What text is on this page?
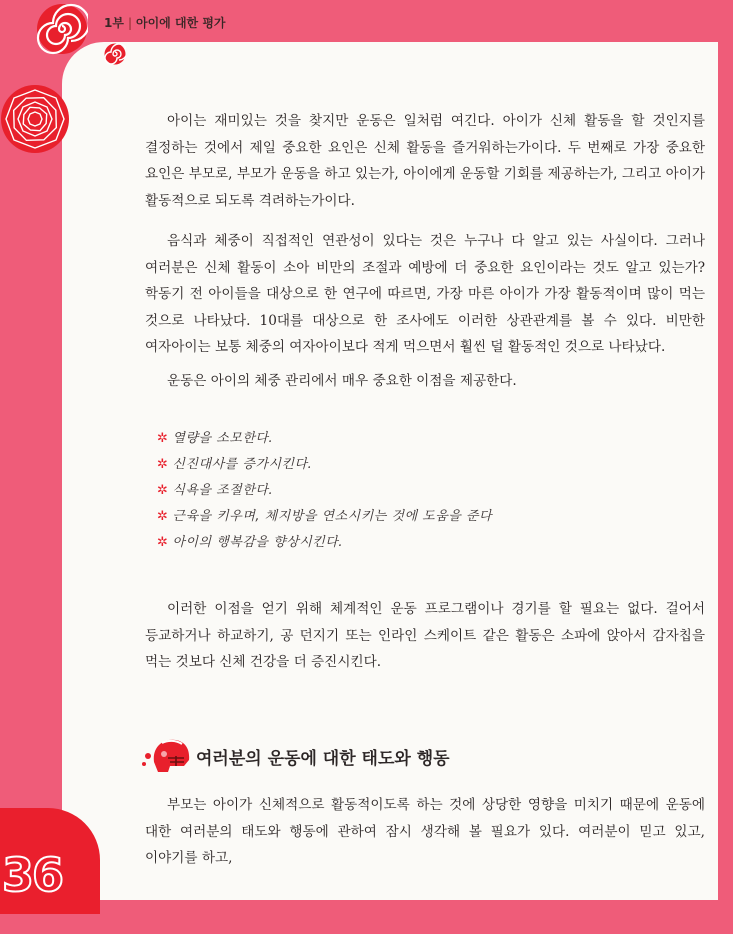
1부 | 아이에 대한 평가
36

아이는 재미있는 것을 찾지만 운동은 일처럼 여긴다. 아이가 신체 활동을 할 것인지를 결정하는 것에서 제일 중요한 요인은 신체 활동을 즐거워하는가이다. 두 번째로 가장 중요한 요인은 부모로, 부모가 운동을 하고 있는가, 아이에게 운동할 기회를 제공하는가, 그리고 아이가 활동적으로 되도록 격려하는가이다.

음식과 체중이 직접적인 연관성이 있다는 것은 누구나 다 알고 있는 사실이다. 그러나 여러분은 신체 활동이 소아 비만의 조절과 예방에 더 중요한 요인이라는 것도 알고 있는가? 학동기 전 아이들을 대상으로 한 연구에 따르면, 가장 마른 아이가 가장 활동적이며 많이 먹는 것으로 나타났다. 10대를 대상으로 한 조사에도 이러한 상관관계를 볼 수 있다. 비만한 여자아이는 보통 체중의 여자아이보다 적게 먹으면서 훨씬 덜 활동적인 것으로 나타났다.

운동은 아이의 체중 관리에서 매우 중요한 이점을 제공한다.

✲ 열량을 소모한다.
✲ 신진대사를 증가시킨다.
✲ 식욕을 조절한다.
✲ 근육을 키우며, 체지방을 연소시키는 것에 도움을 준다
✲ 아이의 행복감을 향상시킨다.

이러한 이점을 얻기 위해 체계적인 운동 프로그램이나 경기를 할 필요는 없다. 걸어서 등교하거나 하교하기, 공 던지기 또는 인라인 스케이트 같은 활동은 소파에 앉아서 감자칩을 먹는 것보다 신체 건강을 더 증진시킨다.

여러분의 운동에 대한 태도와 행동

부모는 아이가 신체적으로 활동적이도록 하는 것에 상당한 영향을 미치기 때문에 운동에 대한 여러분의 태도와 행동에 관하여 잠시 생각해 볼 필요가 있다. 여러분이 믿고 있고, 이야기를 하고,
